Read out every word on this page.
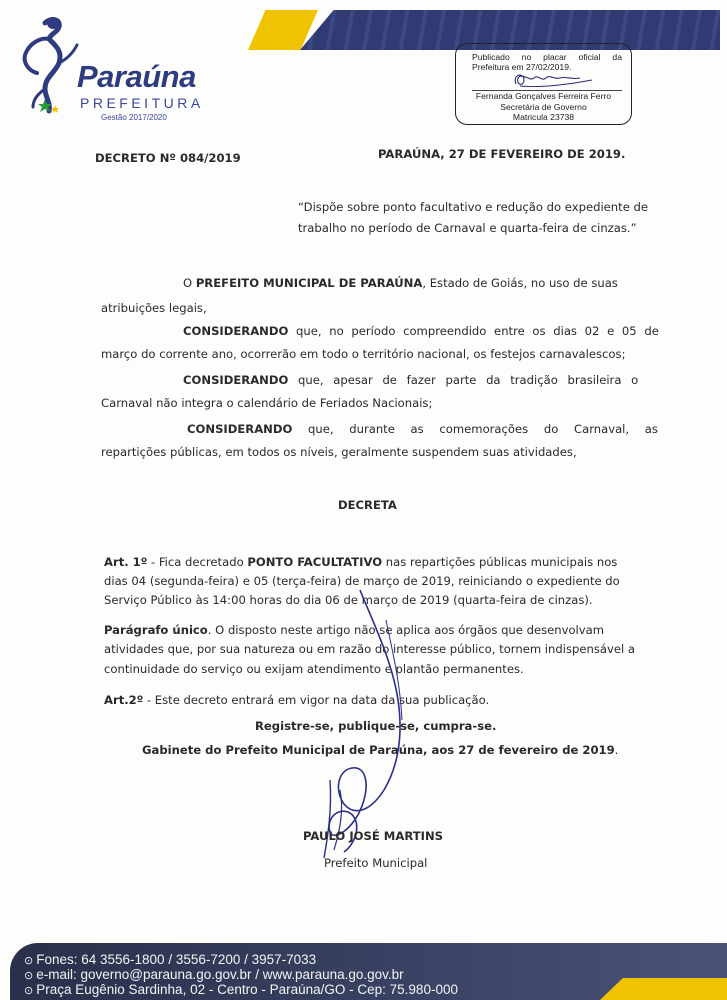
Paraúna
PREFEITURA
Gestão 2017/2020
Publicado no placar oficial da
Prefeitura em 27/02/2019.
Fernanda Gonçalves Ferreira Ferro
Secretária de Governo
Matricula 23738
DECRETO Nº 084/2019	PARAÚNA, 27 DE FEVEREIRO DE 2019.
“Dispõe sobre ponto facultativo e redução do expediente de
trabalho no período de Carnaval e quarta-feira de cinzas.”
O PREFEITO MUNICIPAL DE PARAÚNA, Estado de Goiás, no uso de suas
atribuições legais,
CONSIDERANDO que, no período compreendido entre os dias 02 e 05 de
março do corrente ano, ocorrerão em todo o território nacional, os festejos carnavalescos;
CONSIDERANDO que, apesar de fazer parte da tradição brasileira o
Carnaval não integra o calendário de Feriados Nacionais;
CONSIDERANDO que, durante as comemorações do Carnaval, as
repartições públicas, em todos os níveis, geralmente suspendem suas atividades,
DECRETA
Art. 1º - Fica decretado PONTO FACULTATIVO nas repartições públicas municipais nos
dias 04 (segunda-feira) e 05 (terça-feira) de março de 2019, reiniciando o expediente do
Serviço Público às 14:00 horas do dia 06 de março de 2019 (quarta-feira de cinzas).
Parágrafo único. O disposto neste artigo não se aplica aos órgãos que desenvolvam
atividades que, por sua natureza ou em razão do interesse público, tornem indispensável a
continuidade do serviço ou exijam atendimento e plantão permanentes.
Art.2º - Este decreto entrará em vigor na data da sua publicação.
Registre-se, publique-se, cumpra-se.
Gabinete do Prefeito Municipal de Paraúna, aos 27 de fevereiro de 2019.
PAULO JOSÉ MARTINS
Prefeito Municipal
⊙ Fones: 64 3556-1800 / 3556-7200 / 3957-7033
⊙ e-mail: governo@parauna.go.gov.br / www.parauna.go.gov.br
⊙ Praça Eugênio Sardinha, 02 - Centro - Paraúna/GO - Cep: 75.980-000
